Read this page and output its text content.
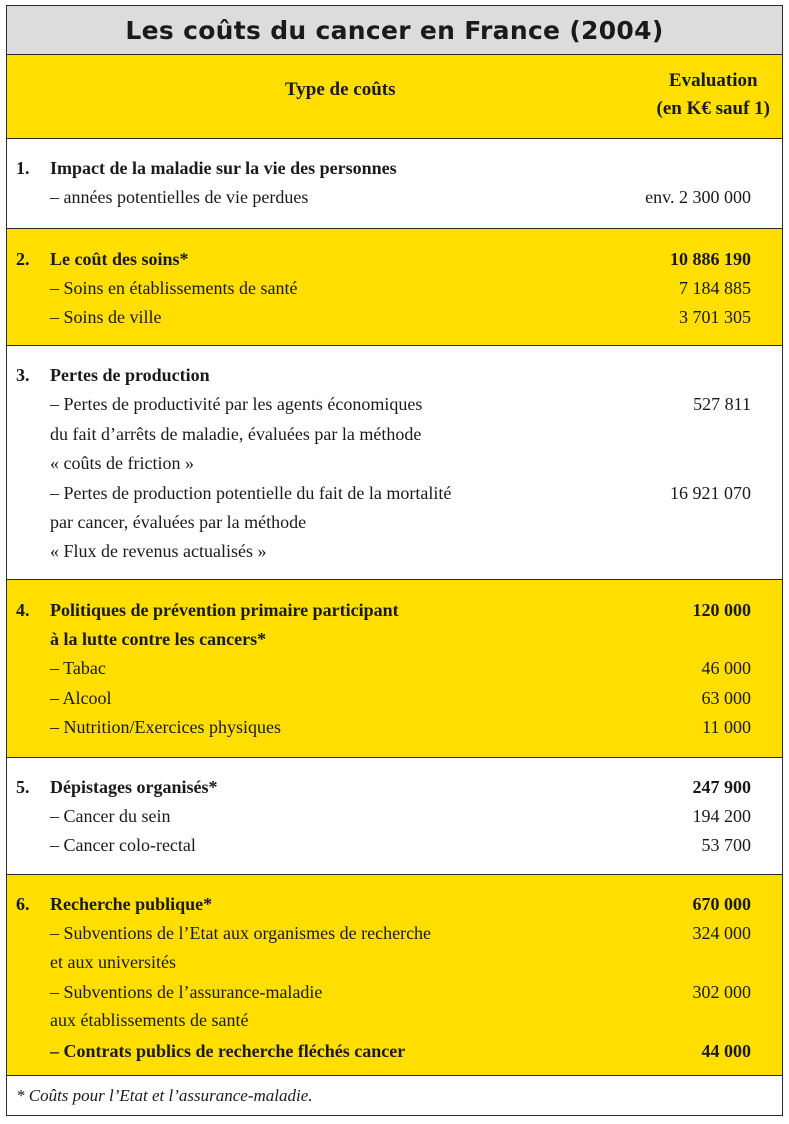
Les coûts du cancer en France (2004)
Type de coûts	Evaluation
(en K€ sauf 1)
1. Impact de la maladie sur la vie des personnes
– années potentielles de vie perdues	env. 2 300 000
2. Le coût des soins*	10 886 190
– Soins en établissements de santé	7 184 885
– Soins de ville	3 701 305
3. Pertes de production
– Pertes de productivité par les agents économiques	527 811
du fait d’arrêts de maladie, évaluées par la méthode
« coûts de friction »
– Pertes de production potentielle du fait de la mortalité	16 921 070
par cancer, évaluées par la méthode
« Flux de revenus actualisés »
4. Politiques de prévention primaire participant	120 000
à la lutte contre les cancers*
– Tabac	46 000
– Alcool	63 000
– Nutrition/Exercices physiques	11 000
5. Dépistages organisés*	247 900
– Cancer du sein	194 200
– Cancer colo-rectal	53 700
6. Recherche publique*	670 000
– Subventions de l’Etat aux organismes de recherche	324 000
et aux universités
– Subventions de l’assurance-maladie	302 000
aux établissements de santé
– Contrats publics de recherche fléchés cancer	44 000
* Coûts pour l’Etat et l’assurance-maladie.
